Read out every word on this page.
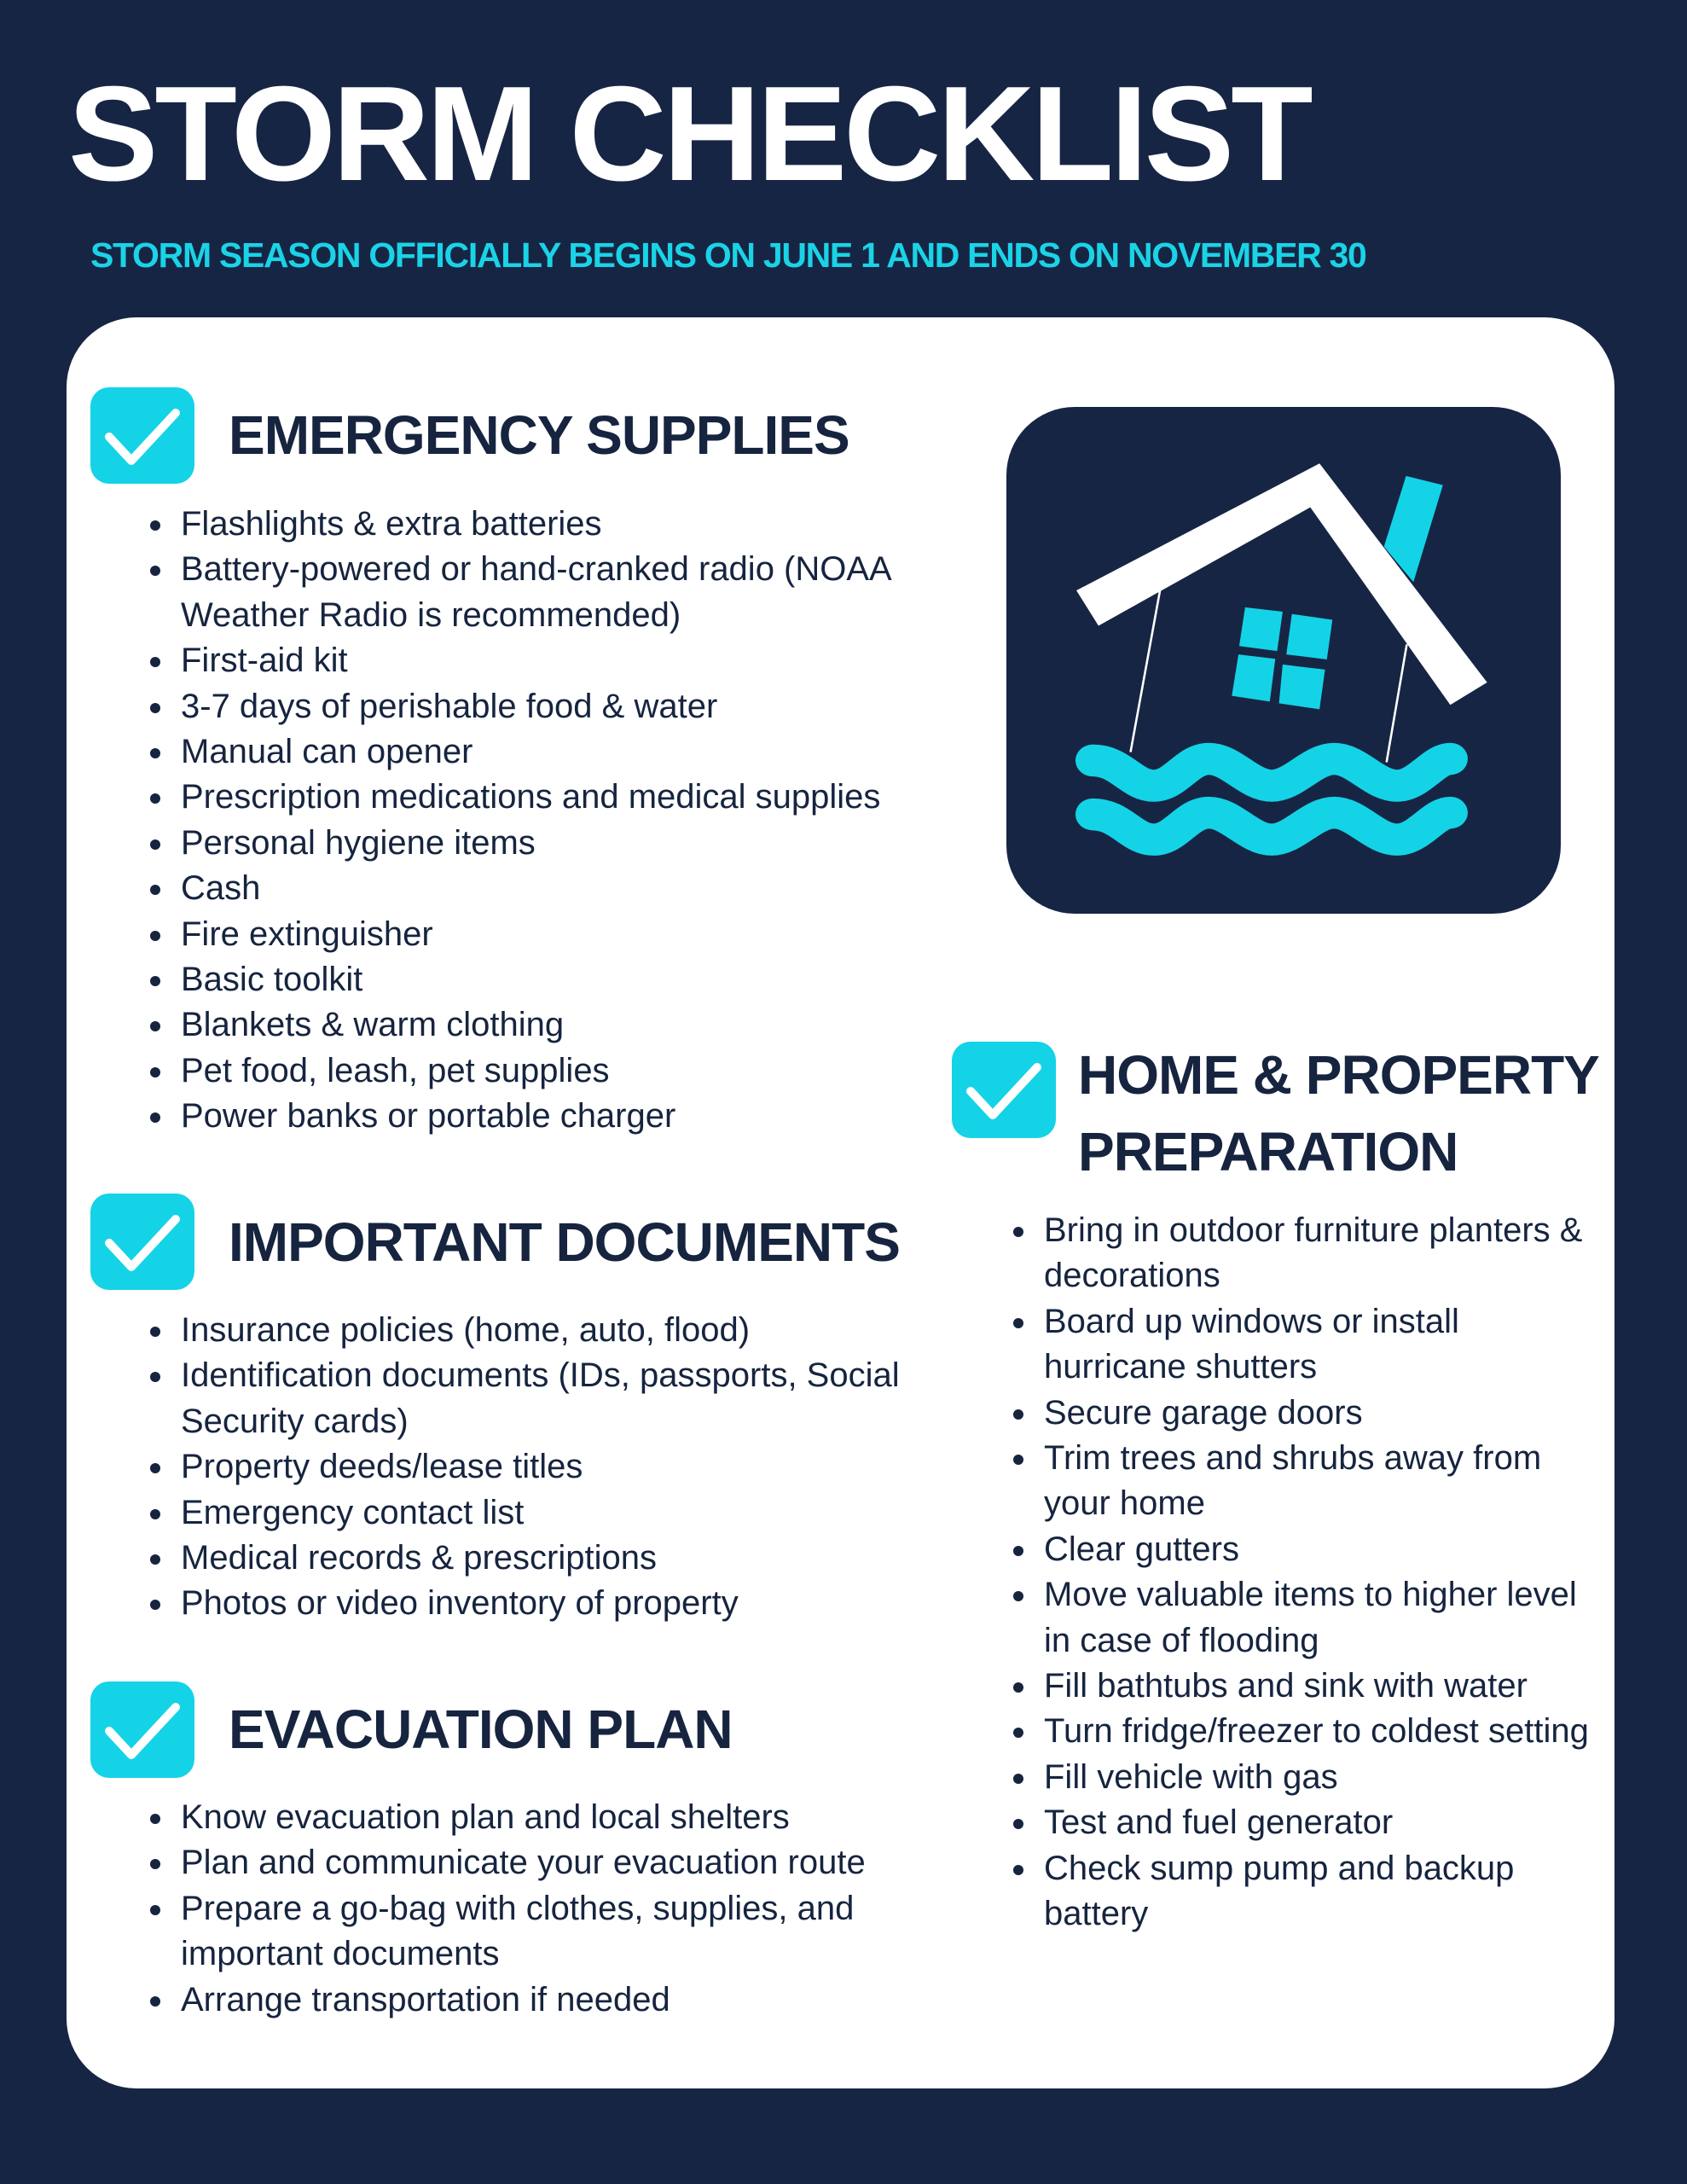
STORM CHECKLIST
STORM SEASON OFFICIALLY BEGINS ON JUNE 1 AND ENDS ON NOVEMBER 30
EMERGENCY SUPPLIES
Flashlights & extra batteries
Battery-powered or hand-cranked radio (NOAA Weather Radio is recommended)
First-aid kit
3-7 days of perishable food & water
Manual can opener
Prescription medications and medical supplies
Personal hygiene items
Cash
Fire extinguisher
Basic toolkit
Blankets & warm clothing
Pet food, leash, pet supplies
Power banks or portable charger
IMPORTANT DOCUMENTS
Insurance policies (home, auto, flood)
Identification documents (IDs, passports, Social Security cards)
Property deeds/lease titles
Emergency contact list
Medical records & prescriptions
Photos or video inventory of property
EVACUATION PLAN
Know evacuation plan and local shelters
Plan and communicate your evacuation route
Prepare a go-bag with clothes, supplies, and important documents
Arrange transportation if needed
HOME & PROPERTY
PREPARATION
Bring in outdoor furniture planters & decorations
Board up windows or install hurricane shutters
Secure garage doors
Trim trees and shrubs away from your home
Clear gutters
Move valuable items to higher level in case of flooding
Fill bathtubs and sink with water
Turn fridge/freezer to coldest setting
Fill vehicle with gas
Test and fuel generator
Check sump pump and backup battery
